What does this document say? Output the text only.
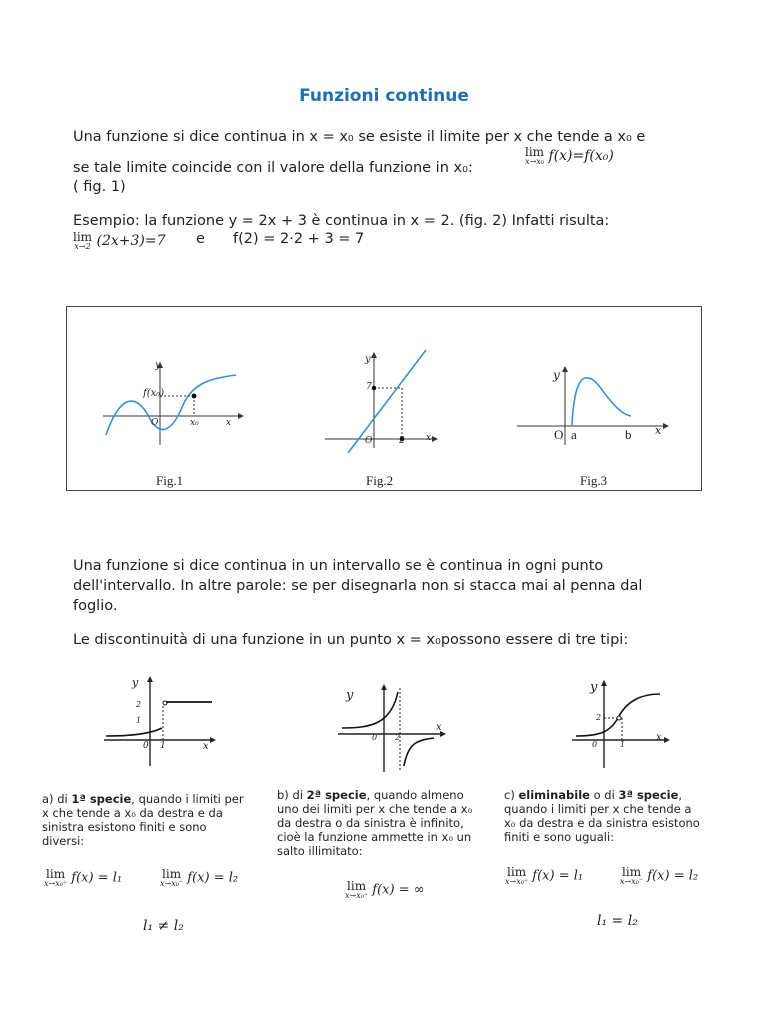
Funzioni continue
Una funzione si dice continua in x = x₀ se esiste il limite per x che tende a x₀ e
se tale limite coincide con il valore della funzione in x₀:
( fig. 1)
lim
x→x₀ f(x)=f(x₀)
Esempio: la funzione y = 2x + 3 è continua in x = 2. (fig. 2) Infatti risulta:
lim
x→2 (2x+3)=7 e f(2) = 2·2 + 3 = 7
y
f(x₀)
x₀	x
O
Fig.1
y
7
O	2 x
Fig.2
y
O a	b x
Fig.3
Una funzione si dice continua in un intervallo se è continua in ogni punto
dell'intervallo. In altre parole: se per disegnarla non si stacca mai al penna dal
foglio.
Le discontinuità di una funzione in un punto x = x₀possono essere di tre tipi:
y
2
1
0 1	x
y
0 2
x
y
2
0	1
x
a) di 1ª specie, quando i limiti per
x che tende a x₀ da destra e da
sinistra esistono finiti e sono
diversi:
lim
x→x₀⁺ f(x) = l₁	lim
x→x₀⁻ f(x) = l₂
l₁ ≠ l₂
b) di 2ª specie, quando almeno
uno dei limiti per x che tende a x₀
da destra o da sinistra è infinito,
cioè la funzione ammette in x₀ un
salto illimitato:
lim
x→x₀⁺ f(x) = ∞
c) eliminabile o di 3ª specie,
quando i limiti per x che tende a
x₀ da destra e da sinistra esistono
finiti e sono uguali:
lim
x→x₀⁺ f(x) = l₁	lim
x→x₀⁻ f(x) = l₂
l₁ = l₂
